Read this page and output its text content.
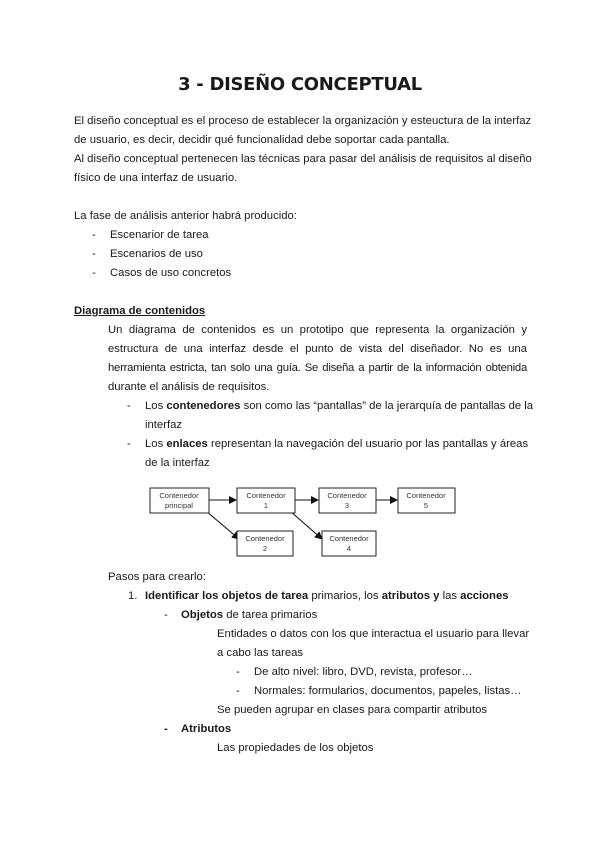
3 - DISEÑO CONCEPTUAL
El diseño conceptual es el proceso de establecer la organización y esteuctura de la interfaz
de usuario, es decir, decidir qué funcionalidad debe soportar cada pantalla.
Al diseño conceptual pertenecen las técnicas para pasar del análisis de requisitos al diseño
físico de una interfaz de usuario.
La fase de análisis anterior habrá producido:
- Escenarior de tarea
- Escenarios de uso
- Casos de uso concretos
Diagrama de contenidos
Un diagrama de contenidos es un prototipo que representa la organización y
estructura de una interfaz desde el punto de vista del diseñador. No es una
herramienta estricta, tan solo una guía. Se diseña a partir de la información obtenida
durante el análisis de requisitos.
- Los contenedores son como las “pantallas” de la jerarquía de pantallas de la
interfaz
- Los enlaces representan la navegación del usuario por las pantallas y áreas
de la interfaz
Contenedor
principal
Contenedor
1
Contenedor
3
Contenedor
5
Contenedor
2
Contenedor
4
Pasos para crearlo:
1. Identificar los objetos de tarea primarios, los atributos y las acciones
- Objetos de tarea primarios
Entidades o datos con los que interactua el usuario para llevar
a cabo las tareas
- De alto nivel: libro, DVD, revista, profesor…
- Normales: formularios, documentos, papeles, listas…
Se pueden agrupar en clases para compartir atributos
- Atributos
Las propiedades de los objetos
